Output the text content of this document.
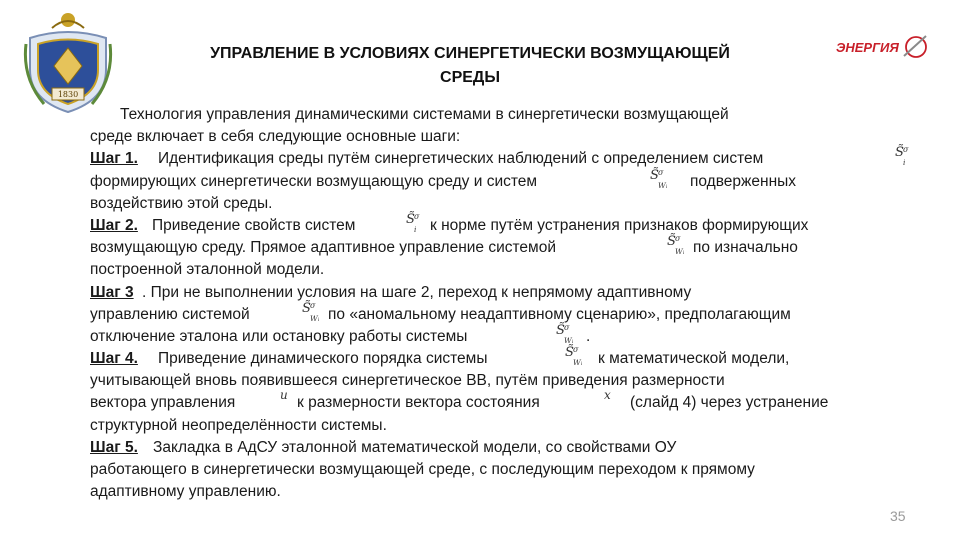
1830
ЭНЕРГИЯ
УПРАВЛЕНИЕ В УСЛОВИЯХ СИНЕРГЕТИЧЕСКИ ВОЗМУЩАЮЩЕЙ
СРЕДЫ
Технология управления динамическими системами в синергетически возмущающей
среде включает в себя следующие основные шаги:
Шаг 1. Идентификация среды путём синергетических наблюдений с определением систем	S̃ σ
i
формирующих синергетически возмущающую среду и систем	S̃ σ
Wᵢ подверженных
воздействию этой среды.
Шаг 2. Приведение свойств систем	S̃ σ
i к норме путём устранения признаков формирующих
возмущающую среду. Прямое адаптивное управление системой	S̃ σ
Wᵢ по изначально
построенной эталонной модели.
Шаг 3 . При не выполнении условия на шаге 2, переход к непрямому адаптивному
управлению системой	S̃ σ
Wᵢ по «аномальному неадаптивному сценарию», предполагающим
отключение эталона или остановку работы системы	S̃ σ
Wᵢ .
Шаг 4. Приведение динамического порядка системы	S̃ σ
Wᵢ к математической модели,
учитывающей вновь появившееся синергетическое ВВ, путём приведения размерности
вектора управления	u к размерности вектора состояния	x (слайд 4) через устранение
структурной неопределённости системы.
Шаг 5. Закладка в АдСУ эталонной математической модели, со свойствами ОУ
работающего в синергетически возмущающей среде, с последующим переходом к прямому
адаптивному управлению.
35
